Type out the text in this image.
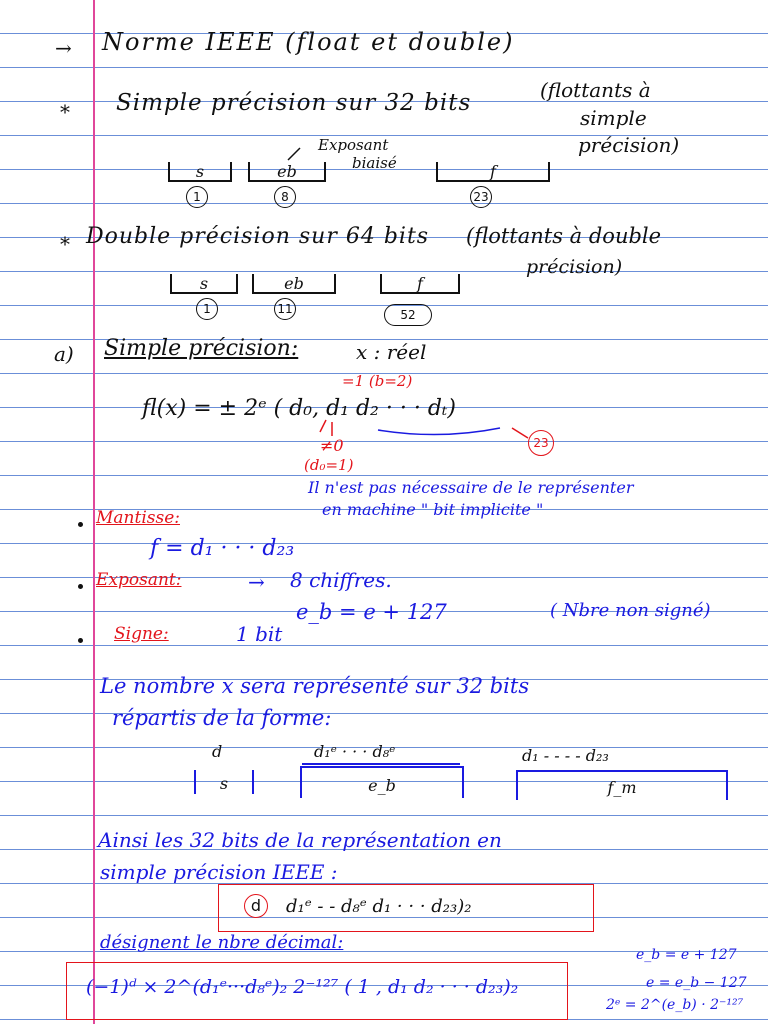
→ Norme IEEE (float et double)
* Simple précision sur 32 bits	(flottants à
simple
précision)
Exposant
biaisé
s	eb	f
1	8	23
* Double précision sur 64 bits (flottants à double
précision)
s	eb	f
1	11	52
a) Simple précision:	x : réel
=1 (b=2)
fl(x) = ± 2ᵉ ( d₀, d₁ d₂ · · · dₜ)
≠0
(d₀=1)
23
Il n'est pas nécessaire de le représenter
en machine " bit implicite "
Mantisse:
f = d₁ · · · d₂₃
Exposant:	→ 8 chiffres.
e_b = e + 127	( Nbre non signé)
Signe:	1 bit
Le nombre x sera représenté sur 32 bits
répartis de la forme:
d	d₁ᵉ · · · d₈ᵉ	d₁ - - - - d₂₃
s	e_b	f_m
Ainsi les 32 bits de la représentation en
simple précision IEEE :
d	d₁ᵉ - - d₈ᵉ d₁ · · · d₂₃)₂
désignent le nbre décimal:
(−1)ᵈ × 2^(d₁ᵉ···d₈ᵉ)₂ 2⁻¹²⁷ ( 1 , d₁ d₂ · · · d₂₃)₂
e_b = e + 127
e = e_b − 127
2ᵉ = 2^(e_b) · 2⁻¹²⁷
